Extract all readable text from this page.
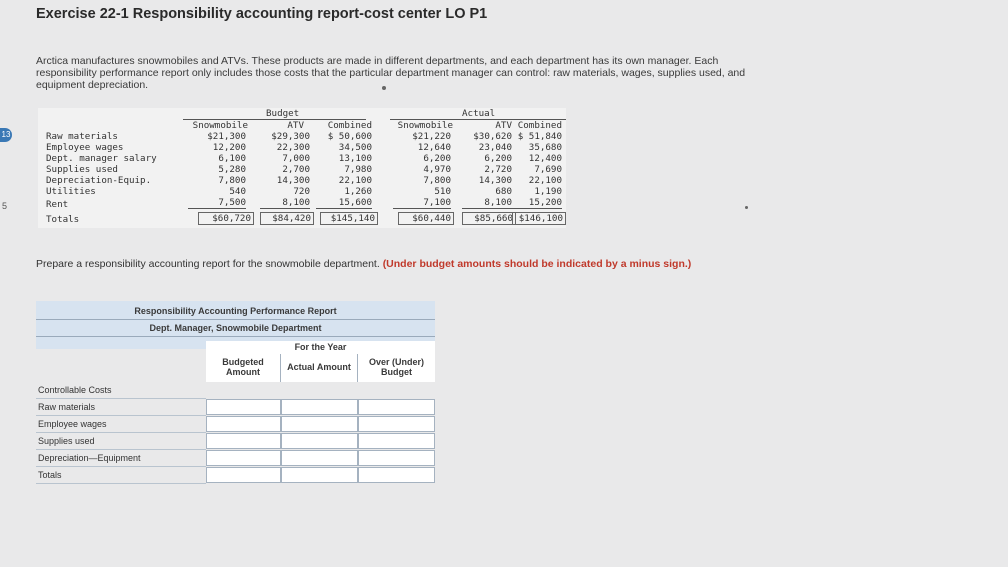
13
5
Exercise 22-1 Responsibility accounting report-cost center LO P1

Arctica manufactures snowmobiles and ATVs. These products are made in different departments, and each department has its own manager. Each responsibility performance report only includes those costs that the particular department manager can control: raw materials, wages, supplies used, and equipment depreciation.

Budget	Actual
Snowmobile	ATV	Combined	Snowmobile	ATV Combined
Raw materials	$21,300	$29,300	$ 50,600	$21,220	$30,620 $ 51,840
Employee wages	12,200	22,300	34,500	12,640	23,040	35,680
Dept. manager salary	6,100	7,000	13,100	6,200	6,200	12,400
Supplies used	5,280	2,700	7,980	4,970	2,720	7,690
Depreciation-Equip.	7,800	14,300	22,100	7,800	14,300	22,100
Utilities	540	720	1,260	510	680	1,190
Rent	7,500	8,100	15,600	7,100	8,100	15,200
Totals	$60,720	$84,420	$145,140	$60,440	$85,660 $146,100

Prepare a responsibility accounting report for the snowmobile department. (Under budget amounts should be indicated by a minus sign.)

Responsibility Accounting Performance Report
Dept. Manager, Snowmobile Department
For the Year
Budgeted
Amount	Actual Amount	Over (Under)
Budget
Controllable Costs
Raw materials
Employee wages
Supplies used
Depreciation—Equipment
Totals
